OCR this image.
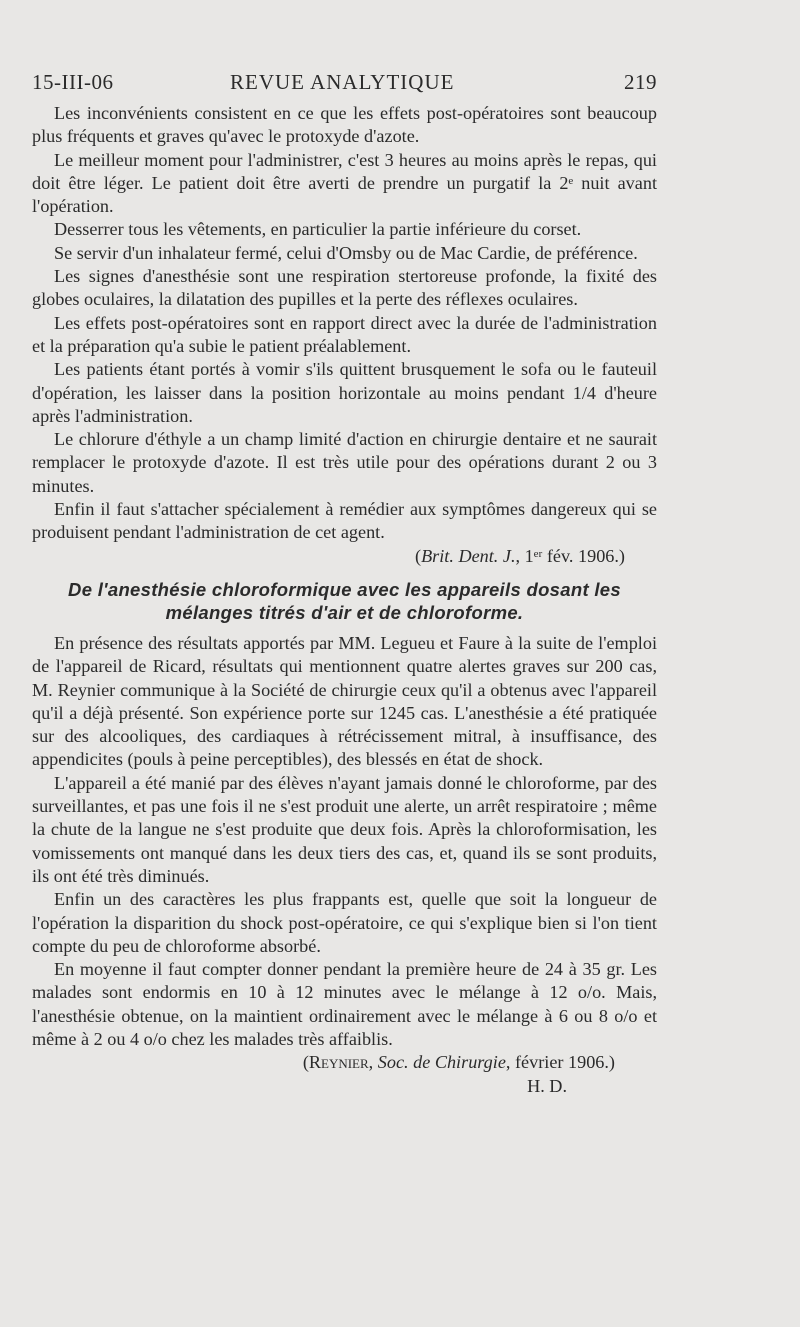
15-III-06	REVUE ANALYTIQUE	219

Les inconvénients consistent en ce que les effets post-opératoires sont beaucoup plus fréquents et graves qu'avec le protoxyde d'azote.

Le meilleur moment pour l'administrer, c'est 3 heures au moins après le repas, qui doit être léger. Le patient doit être averti de prendre un purgatif la 2ᵉ nuit avant l'opération.

Desserrer tous les vêtements, en particulier la partie inférieure du corset.

Se servir d'un inhalateur fermé, celui d'Omsby ou de Mac Cardie, de préférence.

Les signes d'anesthésie sont une respiration stertoreuse profonde, la fixité des globes oculaires, la dilatation des pupilles et la perte des réflexes oculaires.

Les effets post-opératoires sont en rapport direct avec la durée de l'administration et la préparation qu'a subie le patient préalablement.

Les patients étant portés à vomir s'ils quittent brusquement le sofa ou le fauteuil d'opération, les laisser dans la position horizontale au moins pendant 1/4 d'heure après l'administration.

Le chlorure d'éthyle a un champ limité d'action en chirurgie dentaire et ne saurait remplacer le protoxyde d'azote. Il est très utile pour des opérations durant 2 ou 3 minutes.

Enfin il faut s'attacher spécialement à remédier aux symptômes dangereux qui se produisent pendant l'administration de cet agent.

(Brit. Dent. J., 1ᵉʳ fév. 1906.)

De l'anesthésie chloroformique avec les appareils dosant les
mélanges titrés d'air et de chloroforme.

En présence des résultats apportés par MM. Legueu et Faure à la suite de l'emploi de l'appareil de Ricard, résultats qui mentionnent quatre alertes graves sur 200 cas, M. Reynier communique à la Société de chirurgie ceux qu'il a obtenus avec l'appareil qu'il a déjà présenté. Son expérience porte sur 1245 cas. L'anesthésie a été pratiquée sur des alcooliques, des cardiaques à rétrécissement mitral, à insuffisance, des appendicites (pouls à peine perceptibles), des blessés en état de shock.

L'appareil a été manié par des élèves n'ayant jamais donné le chloroforme, par des surveillantes, et pas une fois il ne s'est produit une alerte, un arrêt respiratoire ; même la chute de la langue ne s'est produite que deux fois. Après la chloroformisation, les vomissements ont manqué dans les deux tiers des cas, et, quand ils se sont produits, ils ont été très diminués.

Enfin un des caractères les plus frappants est, quelle que soit la longueur de l'opération la disparition du shock post-opératoire, ce qui s'explique bien si l'on tient compte du peu de chloroforme absorbé.

En moyenne il faut compter donner pendant la première heure de 24 à 35 gr. Les malades sont endormis en 10 à 12 minutes avec le mélange à 12 o/o. Mais, l'anesthésie obtenue, on la maintient ordinairement avec le mélange à 6 ou 8 o/o et même à 2 ou 4 o/o chez les malades très affaiblis.

(Reynier, Soc. de Chirurgie, février 1906.)

H. D.
